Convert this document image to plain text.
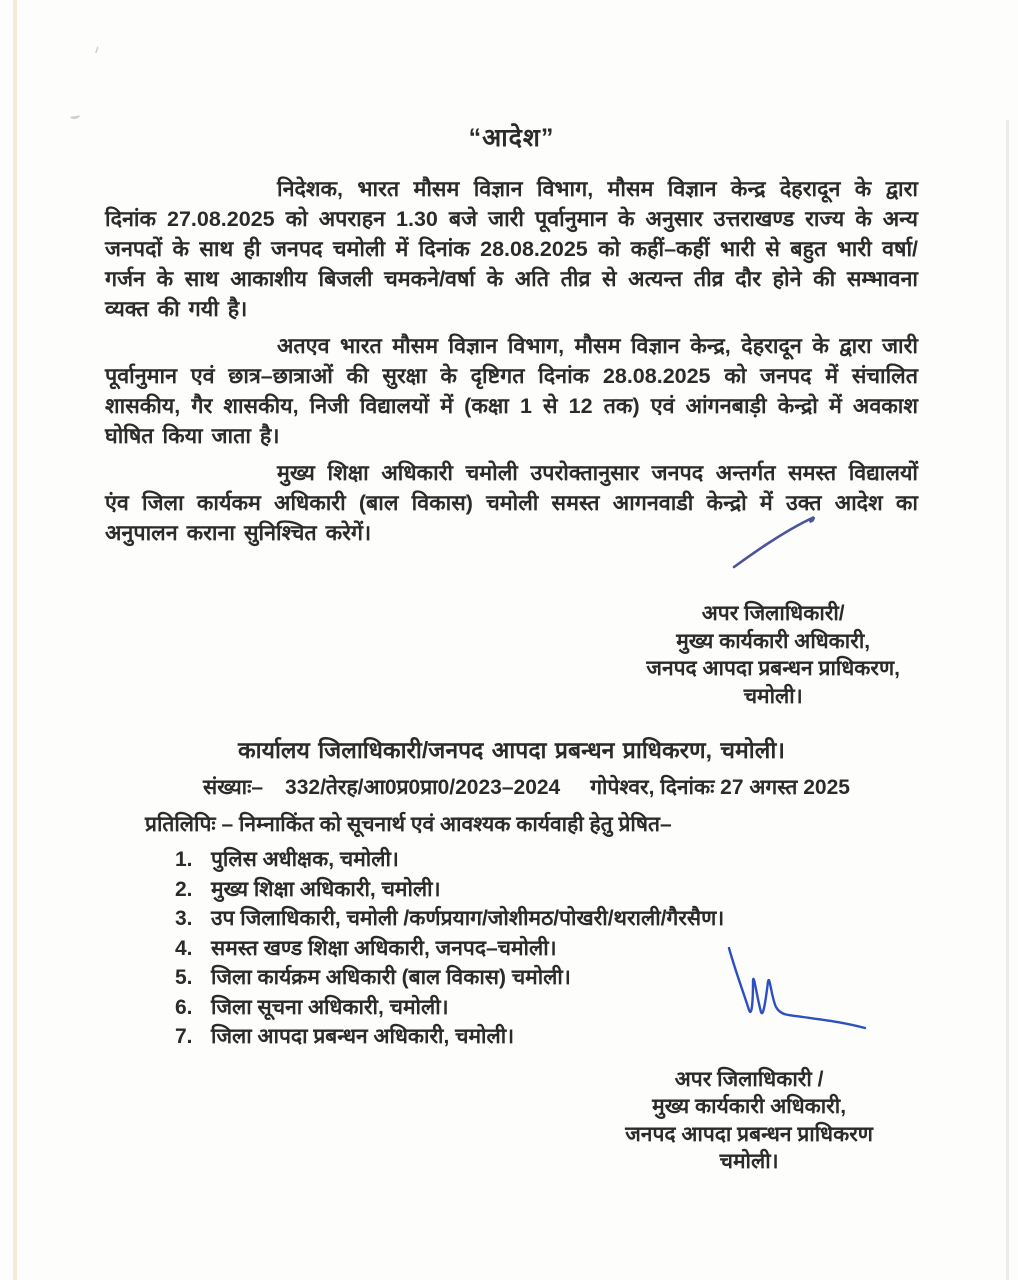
“आदेश”

निदेशक, भारत मौसम विज्ञान विभाग, मौसम विज्ञान केन्द्र देहरादून के द्वारा दिनांक 27.08.2025 को अपराहन 1.30 बजे जारी पूर्वानुमान के अनुसार उत्तराखण्ड राज्य के अन्य जनपदों के साथ ही जनपद चमोली में दिनांक 28.08.2025 को कहीं–कहीं भारी से बहुत भारी वर्षा/गर्जन के साथ आकाशीय बिजली चमकने/वर्षा के अति तीव्र से अत्यन्त तीव्र दौर होने की सम्भावना व्यक्त की गयी है।

अतएव भारत मौसम विज्ञान विभाग, मौसम विज्ञान केन्द्र, देहरादून के द्वारा जारी पूर्वानुमान एवं छात्र–छात्राओं की सुरक्षा के दृष्टिगत दिनांक 28.08.2025 को जनपद में संचालित शासकीय, गैर शासकीय, निजी विद्यालयों में (कक्षा 1 से 12 तक) एवं आंगनबाड़ी केन्द्रो में अवकाश घोषित किया जाता है।

मुख्य शिक्षा अधिकारी चमोली उपरोक्तानुसार जनपद अन्तर्गत समस्त विद्यालयों एंव जिला कार्यकम अधिकारी (बाल विकास) चमोली समस्त आगनवाडी केन्द्रो में उक्त आदेश का अनुपालन कराना सुनिश्चित करेगें।

अपर जिलाधिकारी/
मुख्य कार्यकारी अधिकारी,
जनपद आपदा प्रबन्धन प्राधिकरण,
चमोली।
कार्यालय जिलाधिकारी/जनपद आपदा प्रबन्धन प्राधिकरण, चमोली।
संख्याः– 332/तेरह/आ0प्र0प्रा0/2023–2024 गोपेश्वर, दिनांकः 27 अगस्त 2025
प्रतिलिपिः – निम्नाकिंत को सूचनार्थ एवं आवश्यक कार्यवाही हेतु प्रेषित–
1. पुलिस अधीक्षक, चमोली।
2. मुख्य शिक्षा अधिकारी, चमोली।
3. उप जिलाधिकारी, चमोली /कर्णप्रयाग/जोशीमठ/पोखरी/थराली/गैरसैण।
4. समस्त खण्ड शिक्षा अधिकारी, जनपद–चमोली।
5. जिला कार्यक्रम अधिकारी (बाल विकास) चमोली।
6. जिला सूचना अधिकारी, चमोली।
7. जिला आपदा प्रबन्धन अधिकारी, चमोली।
अपर जिलाधिकारी /
मुख्य कार्यकारी अधिकारी,
जनपद आपदा प्रबन्धन प्राधिकरण
चमोली।
